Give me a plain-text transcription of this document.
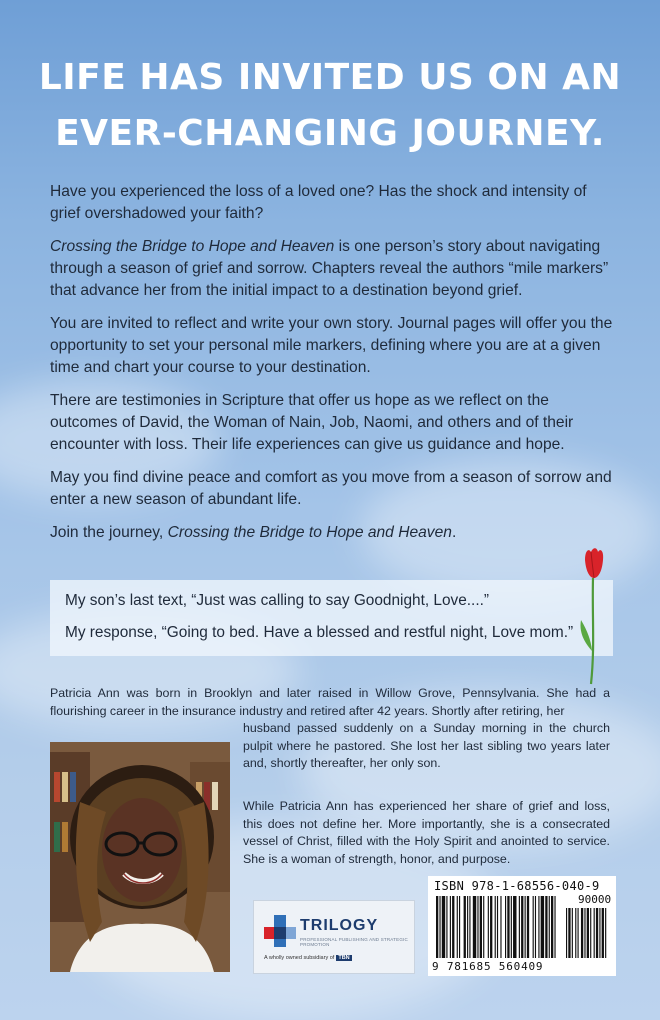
LIFE HAS INVITED US ON AN
EVER-CHANGING JOURNEY.

Have you experienced the loss of a loved one? Has the shock and intensity of grief overshadowed your faith?

Crossing the Bridge to Hope and Heaven is one person’s story about navigating through a season of grief and sorrow. Chapters reveal the authors “mile markers” that advance her from the initial impact to a destination beyond grief.

You are invited to reflect and write your own story. Journal pages will offer you the opportunity to set your personal mile markers, defining where you are at a given time and chart your course to your destination.

There are testimonies in Scripture that offer us hope as we reflect on the outcomes of David, the Woman of Nain, Job, Naomi, and others and of their encounter with loss. Their life experiences can give us guidance and hope.

May you find divine peace and comfort as you move from a season of sorrow and enter a new season of abundant life.

Join the journey, Crossing the Bridge to Hope and Heaven.

My son’s last text, “Just was calling to say Goodnight, Love....”

My response, “Going to bed. Have a blessed and restful night, Love mom.”

Patricia Ann was born in Brooklyn and later raised in Willow Grove, Pennsylvania. She had a flourishing career in the insurance industry and retired after 42 years. Shortly after retiring, her
husband passed suddenly on a Sunday morning in the church pulpit where he pastored. She lost her last sibling two years later and, shortly thereafter, her only son.
While Patricia Ann has experienced her share of grief and loss, this does not define her. More importantly, she is a consecrated vessel of Christ, filled with the Holy Spirit and anointed to service. She is a woman of strength, honor, and purpose.
TRILOGY
PROFESSIONAL PUBLISHING AND STRATEGIC PROMOTION
A wholly owned subsidiary of TBN
ISBN 978-1-68556-040-9
90000
9 781685 560409
